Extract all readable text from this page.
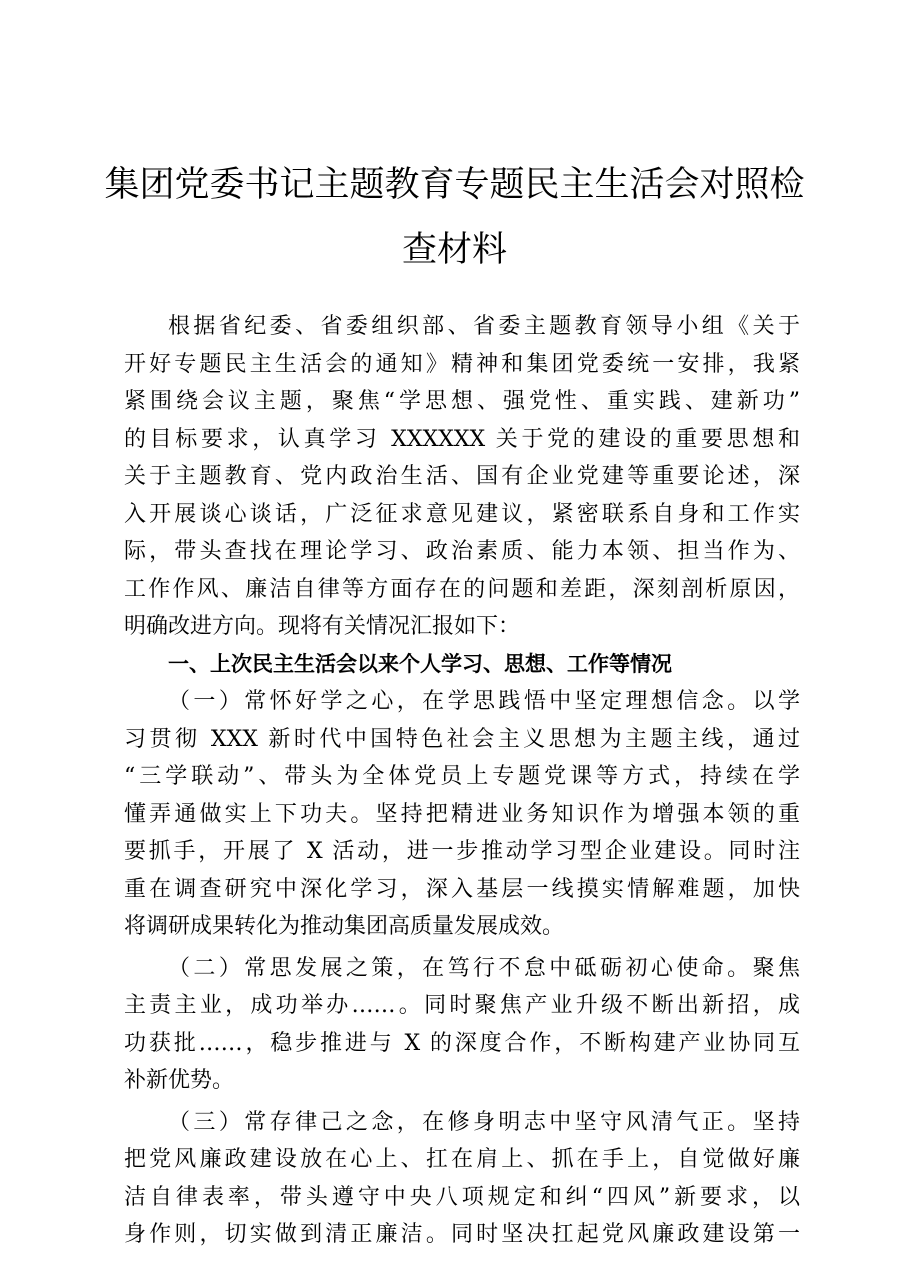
集团党委书记主题教育专题民主生活会对照检
查材料
根据省纪委、省委组织部、省委主题教育领导小组《关于
开好专题民主生活会的通知》精神和集团党委统一安排，我紧
紧围绕会议主题，聚焦“学思想、强党性、重实践、建新功”
的目标要求，认真学习 XXXXXX 关于党的建设的重要思想和
关于主题教育、党内政治生活、国有企业党建等重要论述，深
入开展谈心谈话，广泛征求意见建议，紧密联系自身和工作实
际，带头查找在理论学习、政治素质、能力本领、担当作为、
工作作风、廉洁自律等方面存在的问题和差距，深刻剖析原因，
明确改进方向。现将有关情况汇报如下：
一、上次民主生活会以来个人学习、思想、工作等情况
（一）常怀好学之心，在学思践悟中坚定理想信念。以学
习贯彻 XXX 新时代中国特色社会主义思想为主题主线，通过
“三学联动”、带头为全体党员上专题党课等方式，持续在学
懂弄通做实上下功夫。坚持把精进业务知识作为增强本领的重
要抓手，开展了 X 活动，进一步推动学习型企业建设。同时注
重在调查研究中深化学习，深入基层一线摸实情解难题，加快
将调研成果转化为推动集团高质量发展成效。
（二）常思发展之策，在笃行不怠中砥砺初心使命。聚焦
主责主业，成功举办……。同时聚焦产业升级不断出新招，成
功获批……，稳步推进与 X 的深度合作，不断构建产业协同互
补新优势。
（三）常存律己之念，在修身明志中坚守风清气正。坚持
把党风廉政建设放在心上、扛在肩上、抓在手上，自觉做好廉
洁自律表率，带头遵守中央八项规定和纠“四风”新要求，以
身作则，切实做到清正廉洁。同时坚决扛起党风廉政建设第一
